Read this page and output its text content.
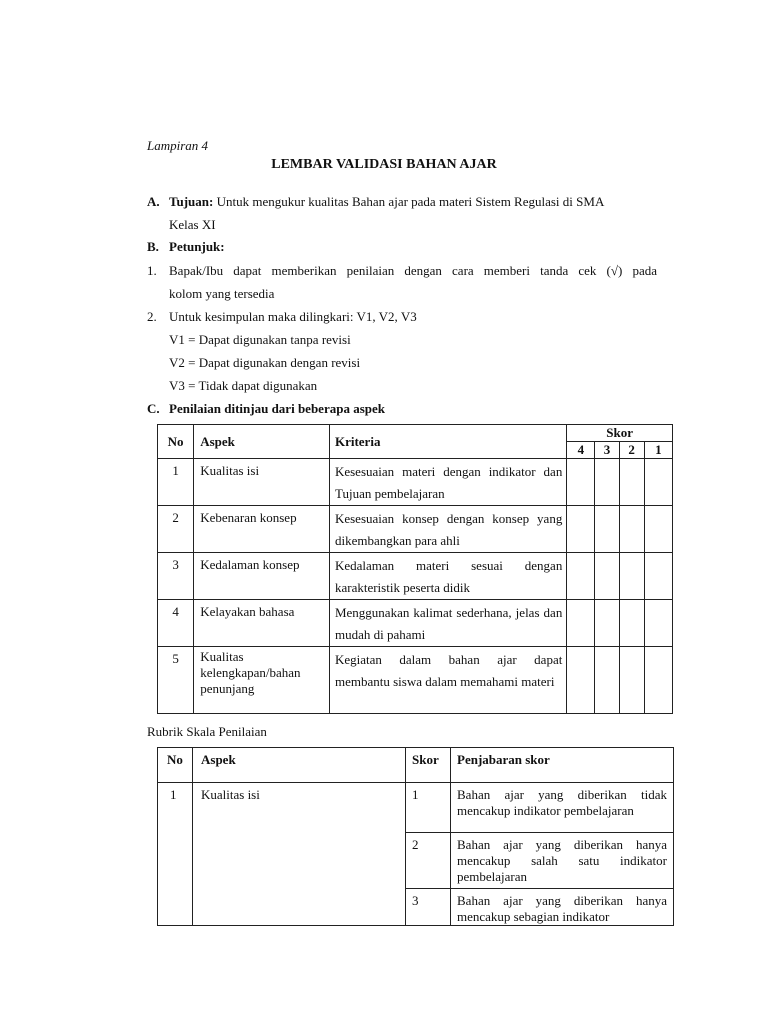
Lampiran 4
LEMBAR VALIDASI BAHAN AJAR
A. Tujuan: Untuk mengukur kualitas Bahan ajar pada materi Sistem Regulasi di SMA
Kelas XI
B. Petunjuk:
1. Bapak/Ibu dapat memberikan penilaian dengan cara memberi tanda cek (√) pada
kolom yang tersedia
2. Untuk kesimpulan maka dilingkari: V1, V2, V3
V1 = Dapat digunakan tanpa revisi
V2 = Dapat digunakan dengan revisi
V3 = Tidak dapat digunakan
C. Penilaian ditinjau dari beberapa aspek
No	Aspek	Kriteria	Skor			
			4	3	2	1
1	Kualitas isi	Kesesuaian materi dengan indikator dan Tujuan pembelajaran				
2	Kebenaran konsep	Kesesuaian konsep dengan konsep yang dikembangkan para ahli				
3	Kedalaman konsep	Kedalaman materi sesuai dengan karakteristik peserta didik				
4	Kelayakan bahasa	Menggunakan kalimat sederhana, jelas dan mudah di pahami				
5	Kualitas kelengkapan/bahan penunjang	Kegiatan dalam bahan ajar dapat membantu siswa dalam memahami materi				
Rubrik Skala Penilaian
No	Aspek	Skor	Penjabaran skor
1	Kualitas isi	1	Bahan ajar yang diberikan tidak mencakup indikator pembelajaran
		2	Bahan ajar yang diberikan hanya mencakup salah satu indikator pembelajaran
		3	Bahan ajar yang diberikan hanya mencakup sebagian indikator
